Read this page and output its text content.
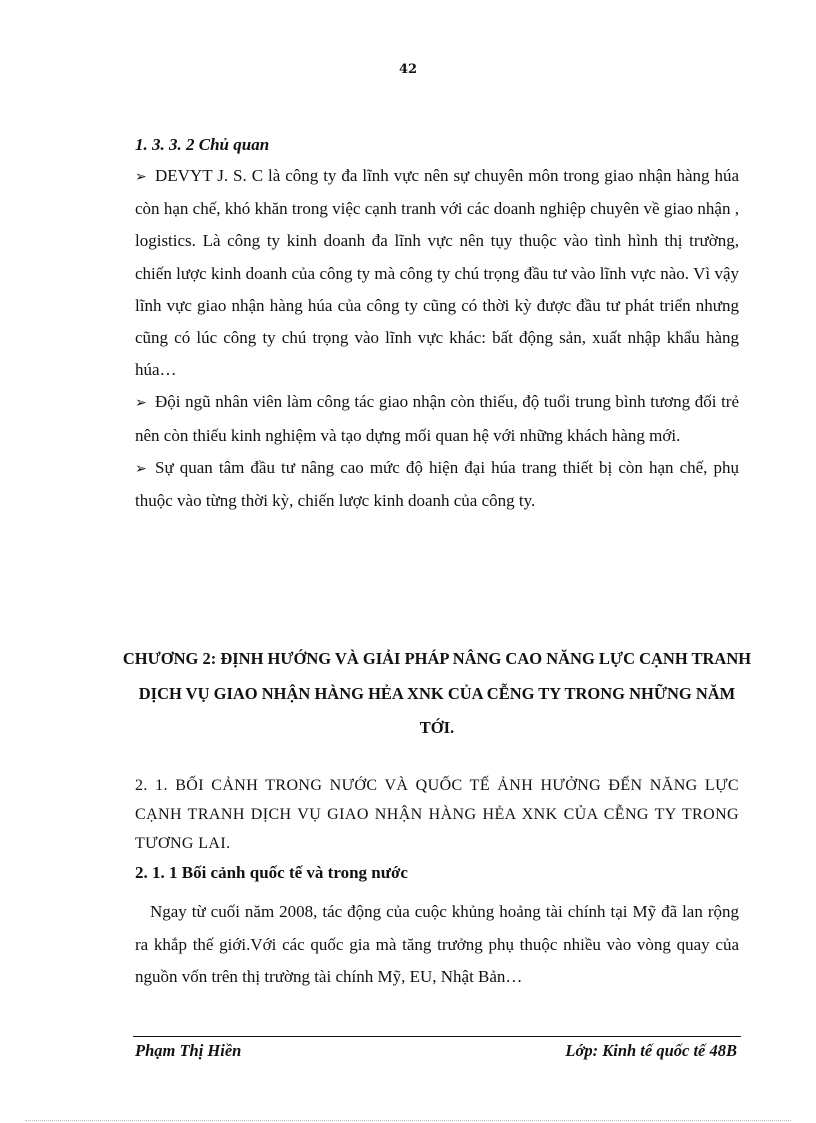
42

1. 3. 3. 2 Chủ quan

➢ DEVYT J. S. C là công ty đa lĩnh vực nên sự chuyên môn trong giao nhận hàng húa còn hạn chế, khó khăn trong việc cạnh tranh với các doanh nghiệp chuyên về giao nhận , logistics. Là công ty kinh doanh đa lĩnh vực nên tụy thuộc vào tình hình thị trường, chiến lược kinh doanh của công ty mà công ty chú trọng đầu tư vào lĩnh vực nào. Vì vậy lĩnh vực giao nhận hàng húa của công ty cũng có thời kỳ được đầu tư phát triển nhưng cũng có lúc công ty chú trọng vào lĩnh vực khác: bất động sản, xuất nhập khẩu hàng húa…

➢ Đội ngũ nhân viên làm công tác giao nhận còn thiếu, độ tuổi trung bình tương đối trẻ nên còn thiếu kinh nghiệm và tạo dựng mối quan hệ với những khách hàng mới.

➢ Sự quan tâm đầu tư nâng cao mức độ hiện đại húa trang thiết bị còn hạn chế, phụ thuộc vào từng thời kỳ, chiến lược kinh doanh của công ty.

CHƯƠNG 2: ĐỊNH HƯỚNG VÀ GIẢI PHÁP NÂNG CAO NĂNG LỰC CẠNH TRANH DỊCH VỤ GIAO NHẬN HÀNG HẺA XNK CỦA CỄNG TY TRONG NHỮNG NĂM TỚI.

2. 1. BỐI CẢNH TRONG NƯỚC VÀ QUỐC TẾ ẢNH HƯỞNG ĐẾN NĂNG LỰC CẠNH TRANH DỊCH VỤ GIAO NHẬN HÀNG HẺA XNK CỦA CỄNG TY TRONG TƯƠNG LAI.

2. 1. 1 Bối cảnh quốc tế và trong nước

Ngay từ cuối năm 2008, tác động của cuộc khủng hoảng tài chính tại Mỹ đã lan rộng ra khắp thế giới.Với các quốc gia mà tăng trưởng phụ thuộc nhiều vào vòng quay của nguồn vốn trên thị trường tài chính Mỹ, EU, Nhật Bản…

Phạm Thị Hiền	Lớp: Kinh tế quốc tế 48B
